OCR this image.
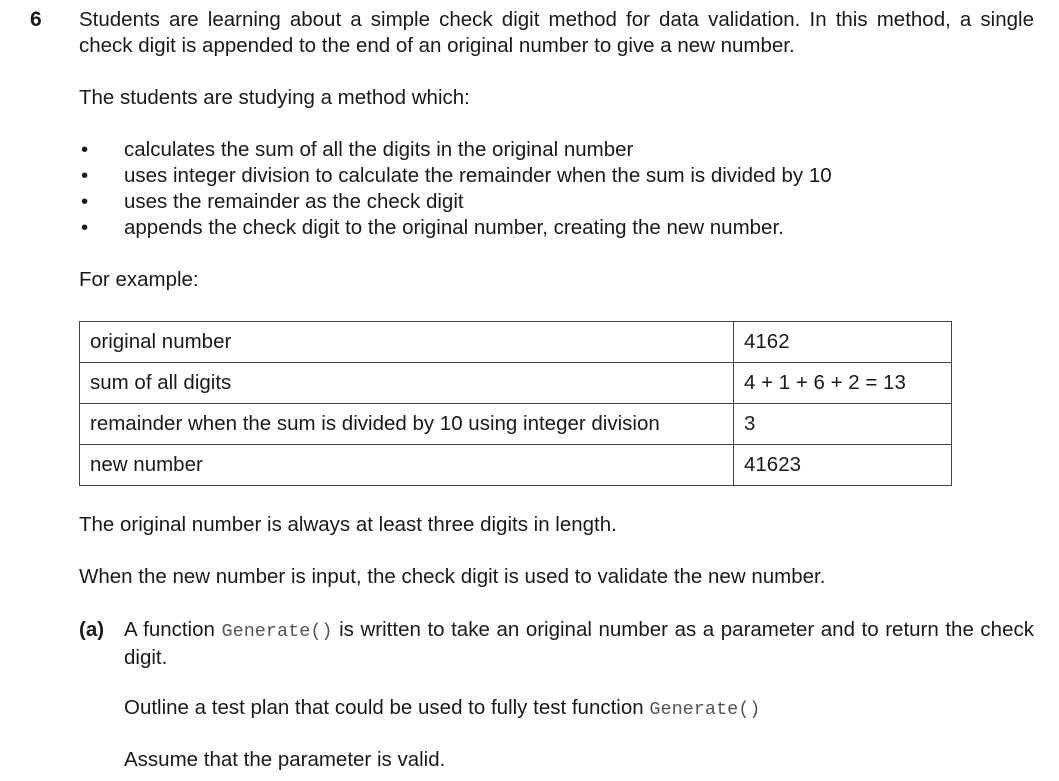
6 Students are learning about a simple check digit method for data validation. In this method, a single check digit is appended to the end of an original number to give a new number.

The students are studying a method which:

• calculates the sum of all the digits in the original number
• uses integer division to calculate the remainder when the sum is divided by 10
• uses the remainder as the check digit
• appends the check digit to the original number, creating the new number.

For example:

original number	4162
sum of all digits	4 + 1 + 6 + 2 = 13
remainder when the sum is divided by 10 using integer division	3
new number	41623

The original number is always at least three digits in length.

When the new number is input, the check digit is used to validate the new number.

(a) A function Generate() is written to take an original number as a parameter and to return the check digit.

Outline a test plan that could be used to fully test function Generate()

Assume that the parameter is valid.
